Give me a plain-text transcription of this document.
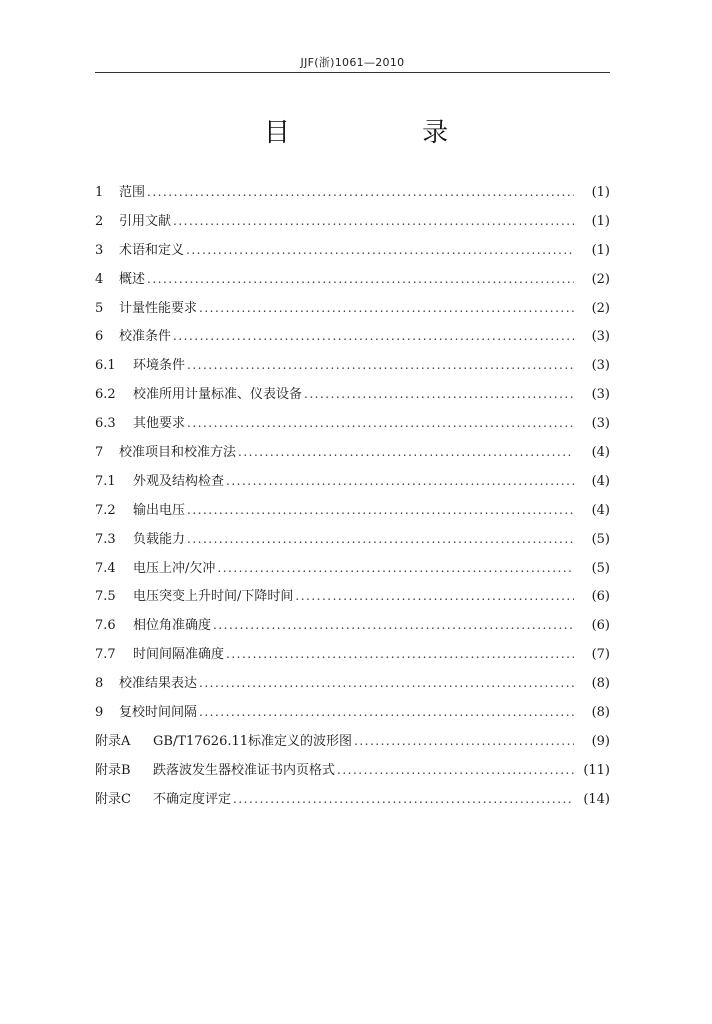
JJF(浙)1061—2010
目 录
1	范围 .....	(1)
2	引用文献 .....	(1)
3	术语和定义 .....	(1)
4	概述 .....	(2)
5	计量性能要求 .....	(2)
6	校准条件 .....	(3)
6.1	环境条件 .....	(3)
6.2	校准所用计量标准、仪表设备 .....	(3)
6.3	其他要求 .....	(3)
7	校准项目和校准方法 .....	(4)
7.1	外观及结构检查 .....	(4)
7.2	输出电压 .....	(4)
7.3	负载能力 .....	(5)
7.4	电压上冲/欠冲 .....	(5)
7.5	电压突变上升时间/下降时间 .....	(6)
7.6	相位角准确度 .....	(6)
7.7	时间间隔准确度 .....	(7)
8	校准结果表达 .....	(8)
9	复校时间间隔 .....	(8)
附录A	GB/T17626.11标准定义的波形图 .....	(9)
附录B	跌落波发生器校准证书内页格式 .....	(11)
附录C	不确定度评定 .....	(14)
